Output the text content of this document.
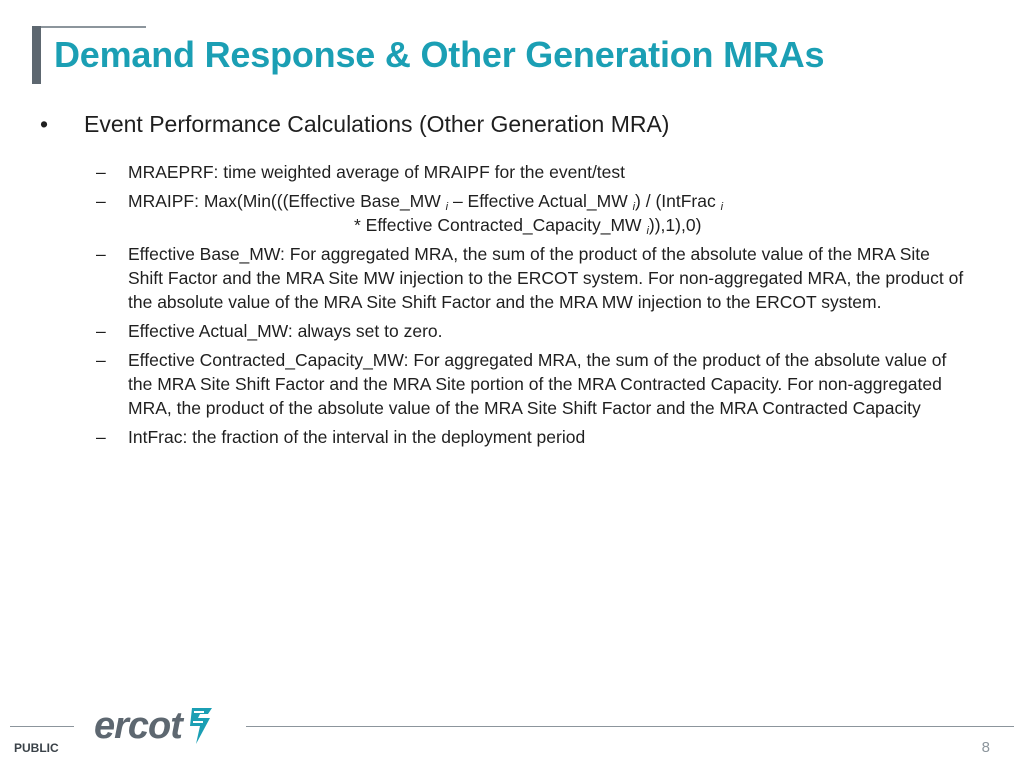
Demand Response & Other Generation MRAs
•	Event Performance Calculations (Other Generation MRA)
–	MRAEPRF: time weighted average of MRAIPF for the event/test
–	MRAIPF: Max(Min(((Effective Base_MW $_i$ – Effective Actual_MW $_i$) / (IntFrac $_i$
* Effective Contracted_Capacity_MW $_i$)),1),0)
–	Effective Base_MW: For aggregated MRA, the sum of the product of the absolute value of the MRA Site Shift Factor and the MRA Site MW injection to the ERCOT system. For non-aggregated MRA, the product of the absolute value of the MRA Site Shift Factor and the MRA MW injection to the ERCOT system.
–	Effective Actual_MW: always set to zero.
–	Effective Contracted_Capacity_MW: For aggregated MRA, the sum of the product of the absolute value of the MRA Site Shift Factor and the MRA Site portion of the MRA Contracted Capacity. For non-aggregated MRA, the product of the absolute value of the MRA Site Shift Factor and the MRA Contracted Capacity
–	IntFrac: the fraction of the interval in the deployment period
ercot
PUBLIC	8
